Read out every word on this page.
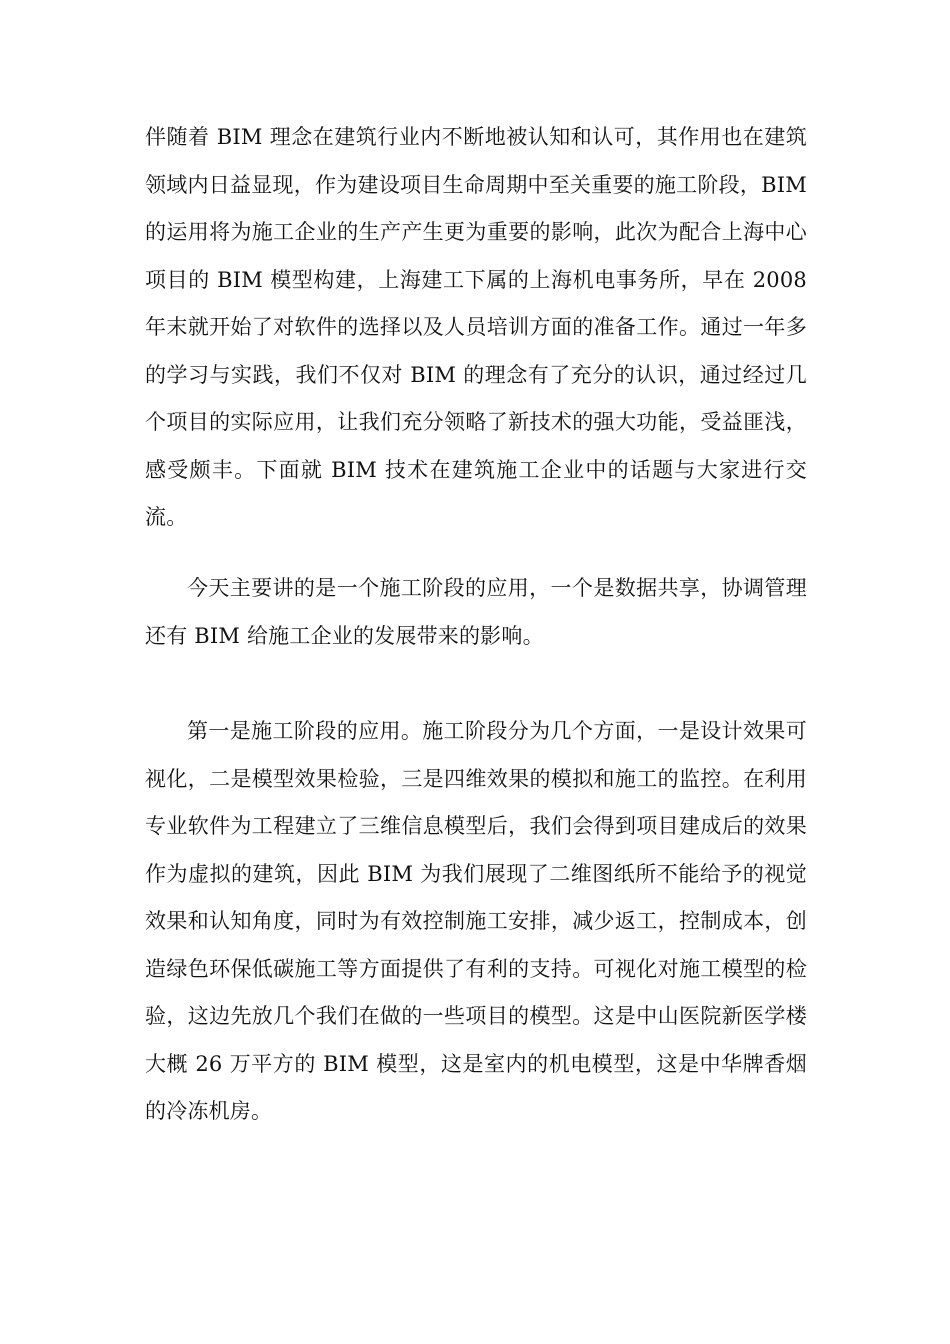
伴随着 BIM 理念在建筑行业内不断地被认知和认可，其作用也在建筑领域内日益显现，作为建设项目生命周期中至关重要的施工阶段，BIM 的运用将为施工企业的生产产生更为重要的影响，此次为配合上海中心项目的 BIM 模型构建，上海建工下属的上海机电事务所，早在 2008 年末就开始了对软件的选择以及人员培训方面的准备工作。通过一年多的学习与实践，我们不仅对 BIM 的理念有了充分的认识，通过经过几个项目的实际应用，让我们充分领略了新技术的强大功能，受益匪浅，感受颇丰。下面就 BIM 技术在建筑施工企业中的话题与大家进行交流。

今天主要讲的是一个施工阶段的应用，一个是数据共享，协调管理还有 BIM 给施工企业的发展带来的影响。

第一是施工阶段的应用。施工阶段分为几个方面，一是设计效果可视化，二是模型效果检验，三是四维效果的模拟和施工的监控。在利用专业软件为工程建立了三维信息模型后，我们会得到项目建成后的效果作为虚拟的建筑，因此 BIM 为我们展现了二维图纸所不能给予的视觉效果和认知角度，同时为有效控制施工安排，减少返工，控制成本，创造绿色环保低碳施工等方面提供了有利的支持。可视化对施工模型的检验，这边先放几个我们在做的一些项目的模型。这是中山医院新医学楼大概 26 万平方的 BIM 模型，这是室内的机电模型，这是中华牌香烟的冷冻机房。
